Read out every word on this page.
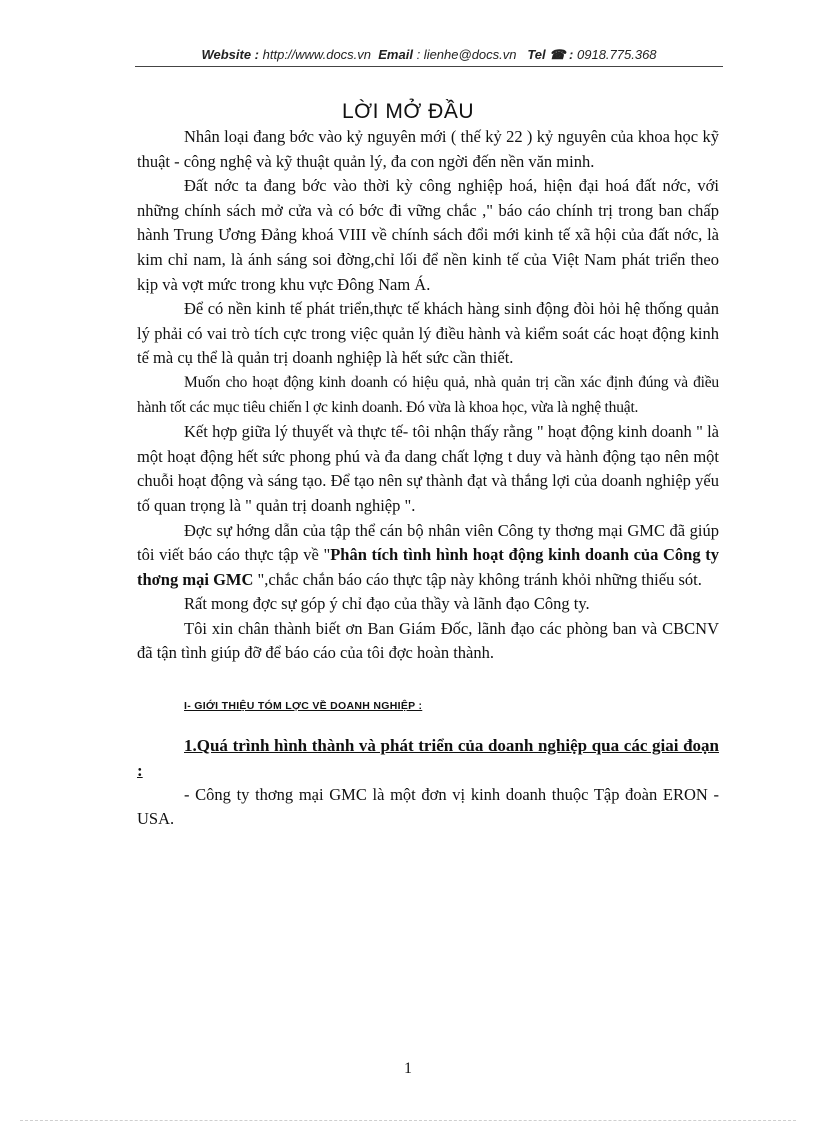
Website : http://www.docs.vn Email : lienhe@docs.vn Tel ☎ : 0918.775.368
LỜI MỞ ĐẦU

Nhân loại đang bớc vào kỷ nguyên mới ( thế kỷ 22 ) kỷ nguyên của khoa học kỹ thuật - công nghệ và kỹ thuật quản lý, đa con ngời đến nền văn minh.

Đất nớc ta đang bớc vào thời kỳ công nghiệp hoá, hiện đại hoá đất nớc, với những chính sách mở cửa và có bớc đi vững chắc ," báo cáo chính trị trong ban chấp hành Trung Ương Đảng khoá VIII về chính sách đổi mới kinh tế xã hội của đất nớc, là kim chỉ nam, là ánh sáng soi đờng,chỉ lối để nền kinh tế của Việt Nam phát triển theo kịp và vợt mức trong khu vực Đông Nam Á.

Để có nền kinh tế phát triển,thực tế khách hàng sinh động đòi hỏi hệ thống quản lý phải có vai trò tích cực trong việc quản lý điều hành và kiểm soát các hoạt động kinh tế mà cụ thể là quản trị doanh nghiệp là hết sức cần thiết.

Muốn cho hoạt động kinh doanh có hiệu quả, nhà quản trị cần xác định đúng và điều hành tốt các mục tiêu chiến l ợc kinh doanh. Đó vừa là khoa học, vừa là nghệ thuật.

Kết hợp giữa lý thuyết và thực tế- tôi nhận thấy rằng " hoạt động kinh doanh " là một hoạt động hết sức phong phú và đa dang chất lợng t duy và hành động tạo nên một chuỗi hoạt động và sáng tạo. Để tạo nên sự thành đạt và thắng lợi của doanh nghiệp yếu tố quan trọng là " quản trị doanh nghiệp ".

Đợc sự hớng dẫn của tập thể cán bộ nhân viên Công ty thơng mại GMC đã giúp tôi viết báo cáo thực tập về "Phân tích tình hình hoạt động kinh doanh của Công ty thơng mại GMC ",chắc chắn báo cáo thực tập này không tránh khỏi những thiếu sót.

Rất mong đợc sự góp ý chỉ đạo của thầy và lãnh đạo Công ty.

Tôi xin chân thành biết ơn Ban Giám Đốc, lãnh đạo các phòng ban và CBCNV đã tận tình giúp đỡ để báo cáo của tôi đợc hoàn thành.

I- GIỚI THIỆU TÓM LỢC VỀ DOANH NGHIỆP :

1.Quá trình hình thành và phát triển của doanh nghiệp qua các giai đoạn :

- Công ty thơng mại GMC là một đơn vị kinh doanh thuộc Tập đoàn ERON - USA.

1
